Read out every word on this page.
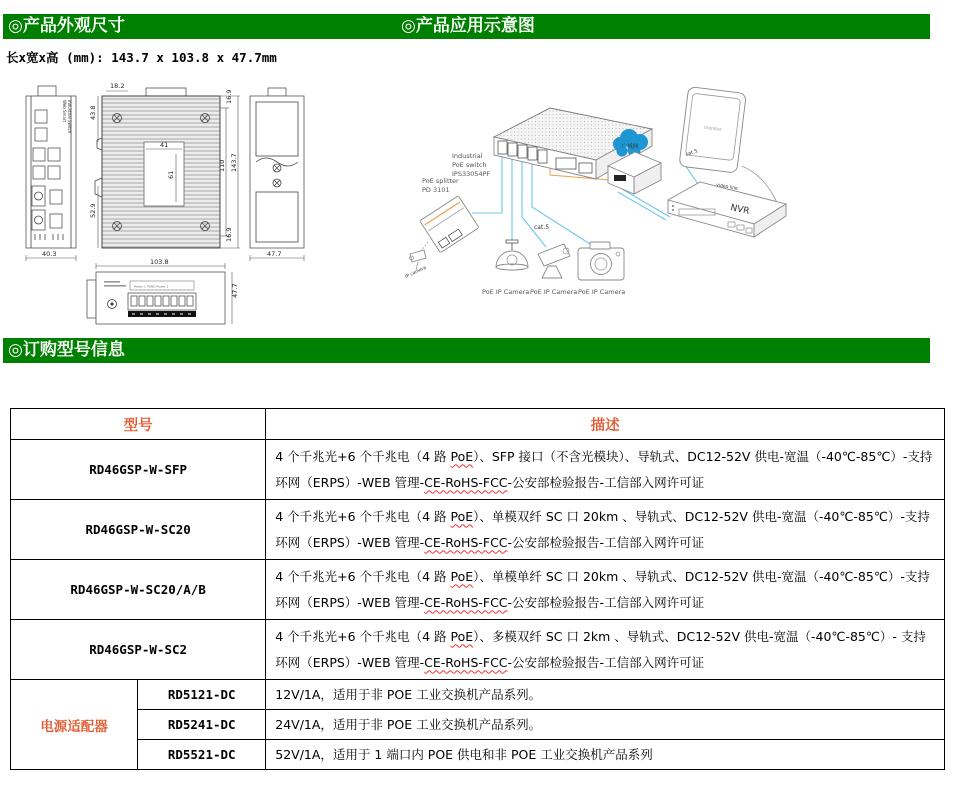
◎产品外观尺寸	◎产品应用示意图
长x宽x高 (mm): 143.7 x 103.8 x 47.7mm
Web Smart Industrial Switch
40.3
18.2
41
61
43.8
52.9
16.9
110 143.7
16.9
47.7
103.8
47.7
Power 1 PGND Power 2
Industrial
PoE switch
IPS33054PF
广域网
monitor
cat.5
NVR
video line
PoE splitter
PD 3101
IP camera
cat.5
PoE IP Camera PoE IP Camera PoE IP Camera
◎订购型号信息
型号		描述
RD46GSP-W-SFP		4 个千兆光+6 个千兆电（4 路 PoE）、SFP 接口（不含光模块）、导轨式、DC12-52V 供电-宽温（-40℃-85℃）-支持环网（ERPS）-WEB 管理-CE-RoHS-FCC-公安部检验报告-工信部入网许可证
RD46GSP-W-SC20		4 个千兆光+6 个千兆电（4 路 PoE）、单模双纤 SC 口 20km 、导轨式、DC12-52V 供电-宽温（-40℃-85℃）-支持环网（ERPS）-WEB 管理-CE-RoHS-FCC-公安部检验报告-工信部入网许可证
RD46GSP-W-SC20/A/B		4 个千兆光+6 个千兆电（4 路 PoE）、单模单纤 SC 口 20km 、导轨式、DC12-52V 供电-宽温（-40℃-85℃）-支持环网（ERPS）-WEB 管理-CE-RoHS-FCC-公安部检验报告-工信部入网许可证
RD46GSP-W-SC2		4 个千兆光+6 个千兆电（4 路 PoE）、多模双纤 SC 口 2km 、导轨式、DC12-52V 供电-宽温（-40℃-85℃）- 支持环网（ERPS）-WEB 管理-CE-RoHS-FCC-公安部检验报告-工信部入网许可证
电源适配器	RD5121-DC	12V/1A，适用于非 POE 工业交换机产品系列。
	RD5241-DC	24V/1A，适用于非 POE 工业交换机产品系列。
	RD5521-DC	52V/1A，适用于 1 端口内 POE 供电和非 POE 工业交换机产品系列
